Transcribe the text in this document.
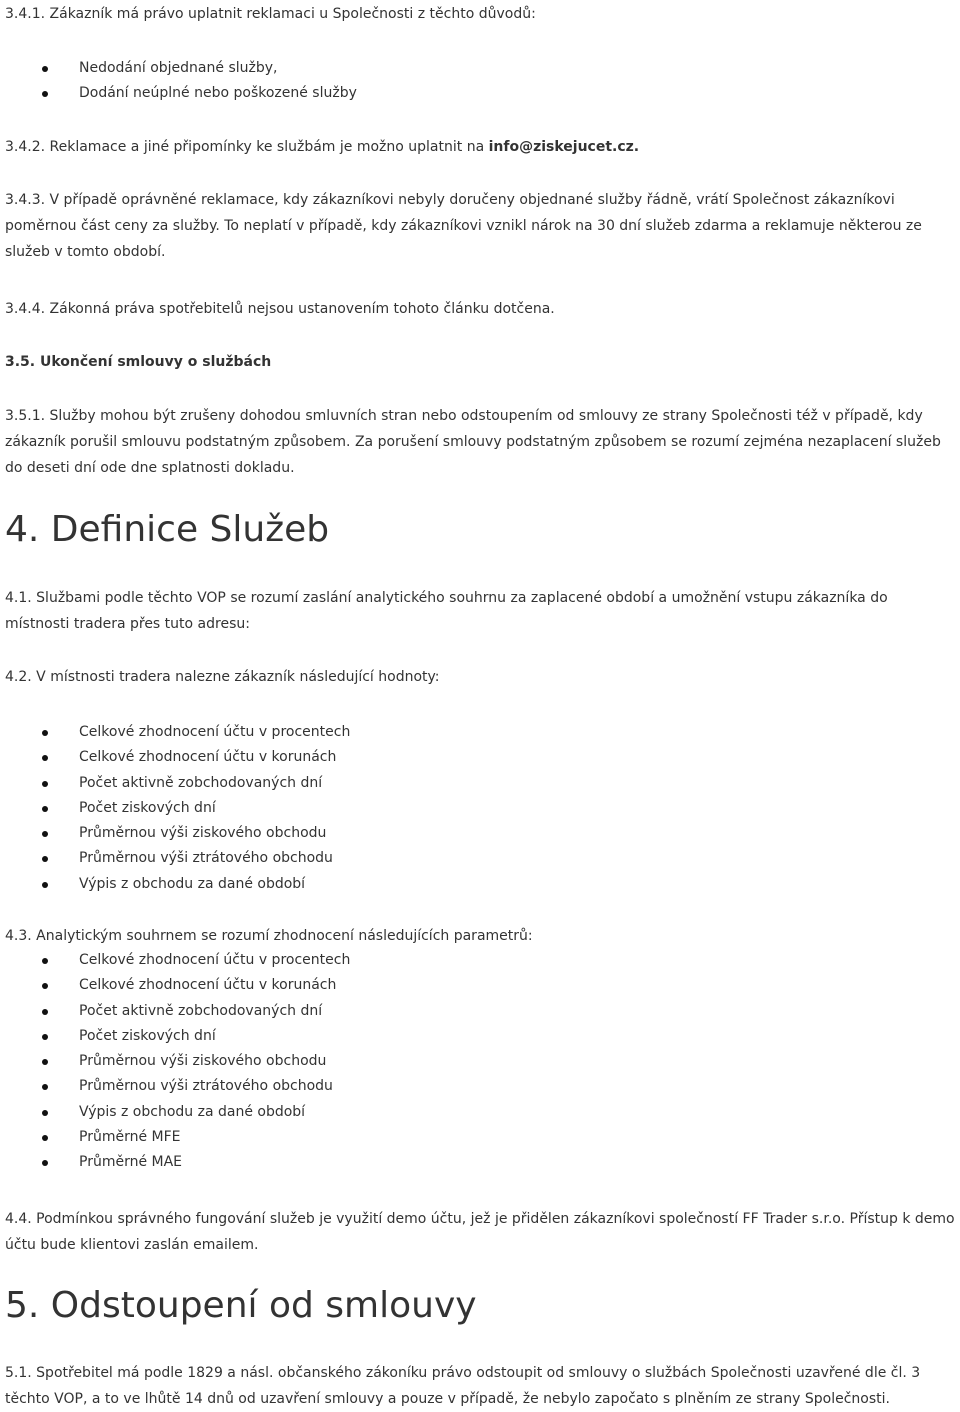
3.4.1. Zákazník má právo uplatnit reklamaci u Společnosti z těchto důvodů:
Nedodání objednané služby,
Dodání neúplné nebo poškozené služby
3.4.2. Reklamace a jiné připomínky ke službám je možno uplatnit na info@ziskejucet.cz.
3.4.3. V případě oprávněné reklamace, kdy zákazníkovi nebyly doručeny objednané služby řádně, vrátí Společnost zákazníkovi poměrnou část ceny za služby. To neplatí v případě, kdy zákazníkovi vznikl nárok na 30 dní služeb zdarma a reklamuje některou ze služeb v tomto období.
3.4.4. Zákonná práva spotřebitelů nejsou ustanovením tohoto článku dotčena.
3.5. Ukončení smlouvy o službách
3.5.1. Služby mohou být zrušeny dohodou smluvních stran nebo odstoupením od smlouvy ze strany Společnosti též v případě, kdy zákazník porušil smlouvu podstatným způsobem. Za porušení smlouvy podstatným způsobem se rozumí zejména nezaplacení služeb do deseti dní ode dne splatnosti dokladu.
4. Definice Služeb
4.1. Službami podle těchto VOP se rozumí zaslání analytického souhrnu za zaplacené období a umožnění vstupu zákazníka do místnosti tradera přes tuto adresu:
4.2. V místnosti tradera nalezne zákazník následující hodnoty:
Celkové zhodnocení účtu v procentech
Celkové zhodnocení účtu v korunách
Počet aktivně zobchodovaných dní
Počet ziskových dní
Průměrnou výši ziskového obchodu
Průměrnou výši ztrátového obchodu
Výpis z obchodu za dané období
4.3. Analytickým souhrnem se rozumí zhodnocení následujících parametrů:
Celkové zhodnocení účtu v procentech
Celkové zhodnocení účtu v korunách
Počet aktivně zobchodovaných dní
Počet ziskových dní
Průměrnou výši ziskového obchodu
Průměrnou výši ztrátového obchodu
Výpis z obchodu za dané období
Průměrné MFE
Průměrné MAE
4.4. Podmínkou správného fungování služeb je využití demo účtu, jež je přidělen zákazníkovi společností FF Trader s.r.o. Přístup k demo účtu bude klientovi zaslán emailem.
5. Odstoupení od smlouvy
5.1. Spotřebitel má podle 1829 a násl. občanského zákoníku právo odstoupit od smlouvy o službách Společnosti uzavřené dle čl. 3 těchto VOP, a to ve lhůtě 14 dnů od uzavření smlouvy a pouze v případě, že nebylo započato s plněním ze strany Společnosti.
